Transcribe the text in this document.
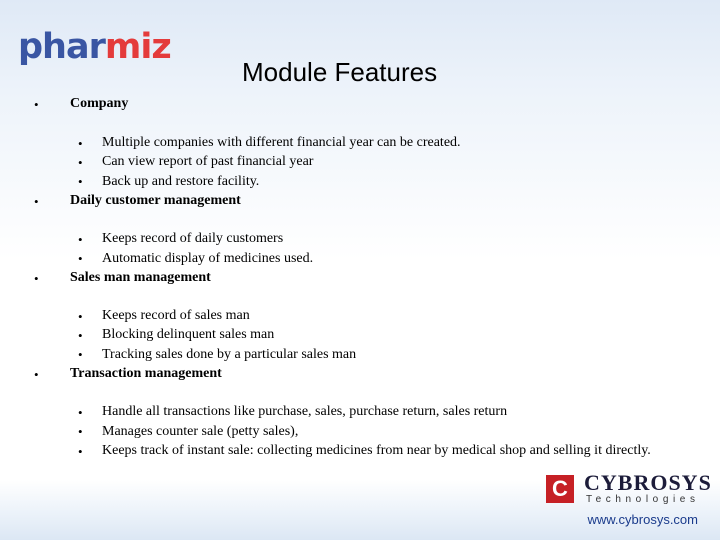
pharmiz
Module Features
• Company
• Multiple companies with different financial year can be created.
• Can view report of past financial year
• Back up and restore facility.
• Daily customer management
• Keeps record of daily customers
• Automatic display of medicines used.
• Sales man management
• Keeps record of sales man
• Blocking delinquent sales man
• Tracking sales done by a particular sales man
• Transaction management
• Handle all transactions like purchase, sales, purchase return, sales return
• Manages counter sale (petty sales),
• Keeps track of instant sale: collecting medicines from near by medical shop and selling it directly.
C CYBROSYS
Technologies
www.cybrosys.com
